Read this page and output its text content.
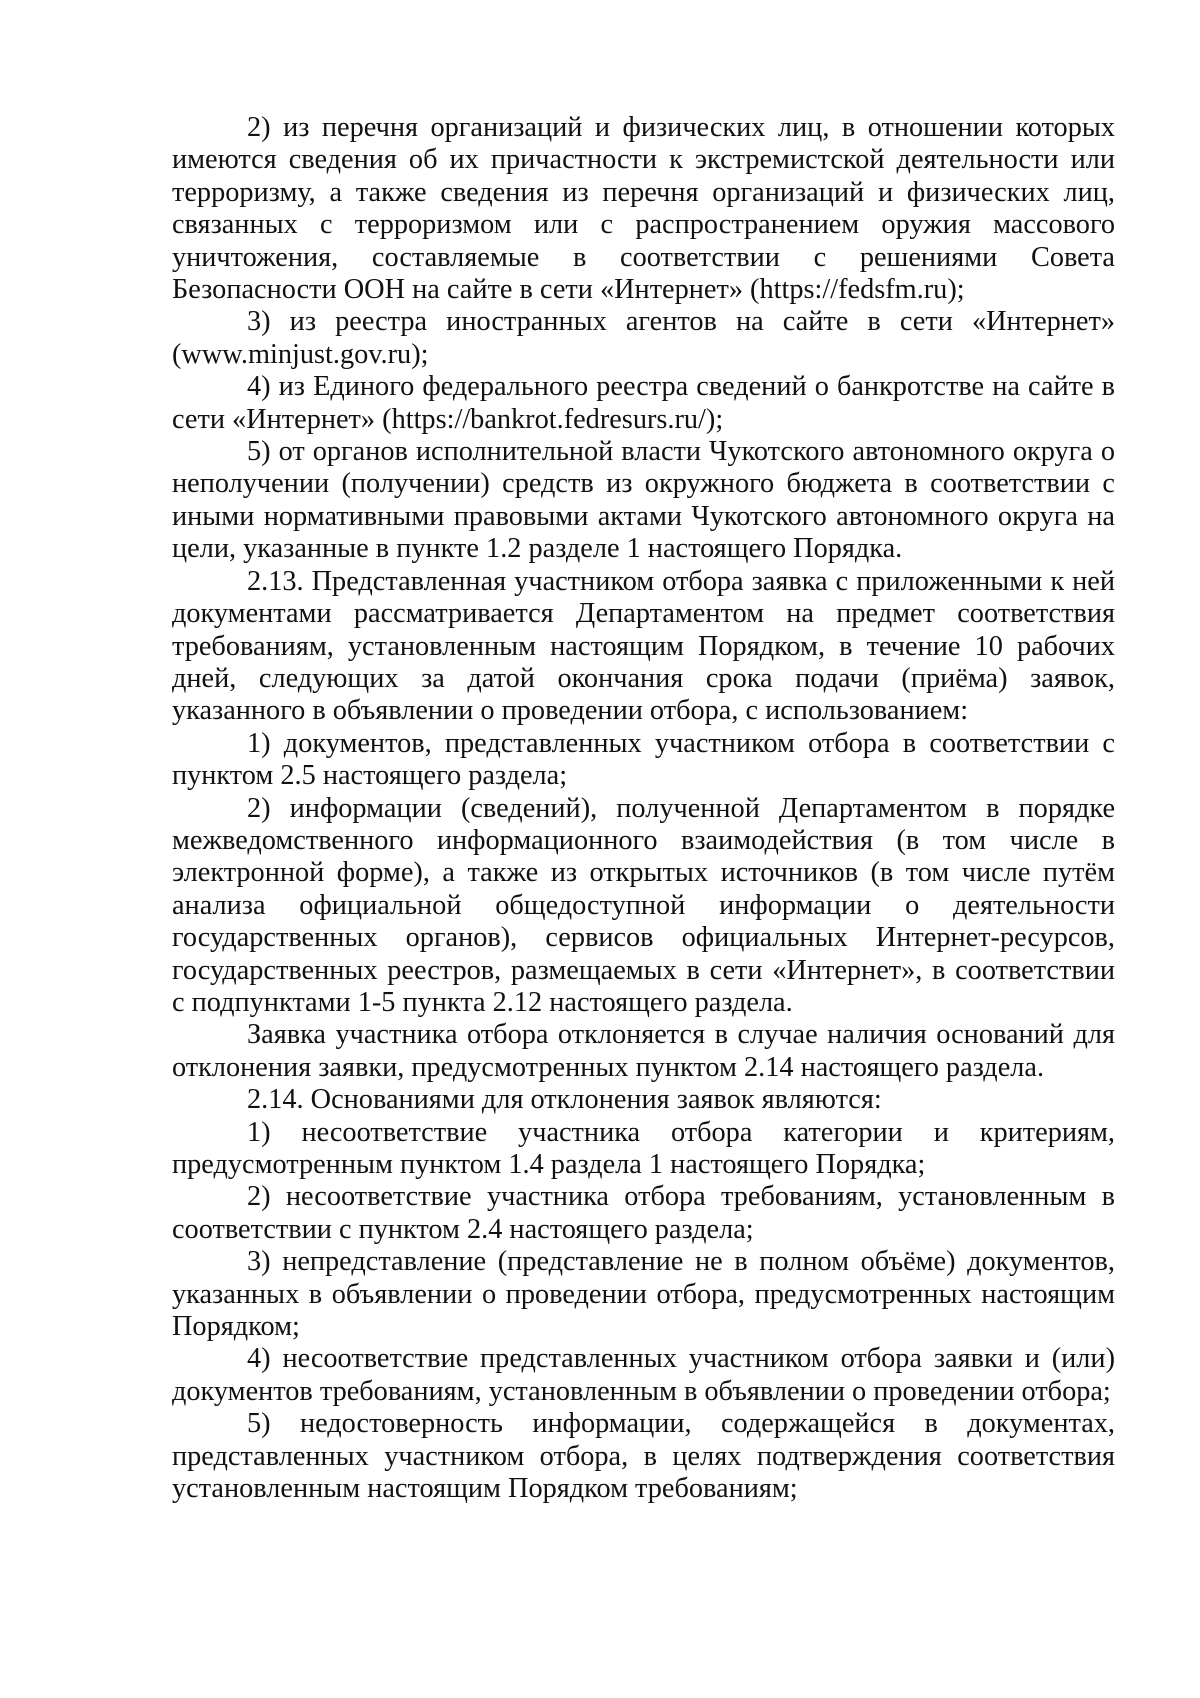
2) из перечня организаций и физических лиц, в отношении которых имеются сведения об их причастности к экстремистской деятельности или терроризму, а также сведения из перечня организаций и физических лиц, связанных с терроризмом или с распространением оружия массового уничтожения, составляемые в соответствии с решениями Совета Безопасности ООН на сайте в сети «Интернет» (https://fedsfm.ru);

3) из реестра иностранных агентов на сайте в сети «Интернет» (www.minjust.gov.ru);

4) из Единого федерального реестра сведений о банкротстве на сайте в сети «Интернет» (https://bankrot.fedresurs.ru/);

5) от органов исполнительной власти Чукотского автономного округа о неполучении (получении) средств из окружного бюджета в соответствии с иными нормативными правовыми актами Чукотского автономного округа на цели, указанные в пункте 1.2 разделе 1 настоящего Порядка.

2.13. Представленная участником отбора заявка с приложенными к ней документами рассматривается Департаментом на предмет соответствия требованиям, установленным настоящим Порядком, в течение 10 рабочих дней, следующих за датой окончания срока подачи (приёма) заявок, указанного в объявлении о проведении отбора, с использованием:

1) документов, представленных участником отбора в соответствии с пунктом 2.5 настоящего раздела;

2) информации (сведений), полученной Департаментом в порядке межведомственного информационного взаимодействия (в том числе в электронной форме), а также из открытых источников (в том числе путём анализа официальной общедоступной информации о деятельности государственных органов), сервисов официальных Интернет-ресурсов, государственных реестров, размещаемых в сети «Интернет», в соответствии с подпунктами 1-5 пункта 2.12 настоящего раздела.

Заявка участника отбора отклоняется в случае наличия оснований для отклонения заявки, предусмотренных пунктом 2.14 настоящего раздела.

2.14. Основаниями для отклонения заявок являются:

1) несоответствие участника отбора категории и критериям, предусмотренным пунктом 1.4 раздела 1 настоящего Порядка;

2) несоответствие участника отбора требованиям, установленным в соответствии с пунктом 2.4 настоящего раздела;

3) непредставление (представление не в полном объёме) документов, указанных в объявлении о проведении отбора, предусмотренных настоящим Порядком;

4) несоответствие представленных участником отбора заявки и (или) документов требованиям, установленным в объявлении о проведении отбора;

5) недостоверность информации, содержащейся в документах, представленных участником отбора, в целях подтверждения соответствия установленным настоящим Порядком требованиям;
